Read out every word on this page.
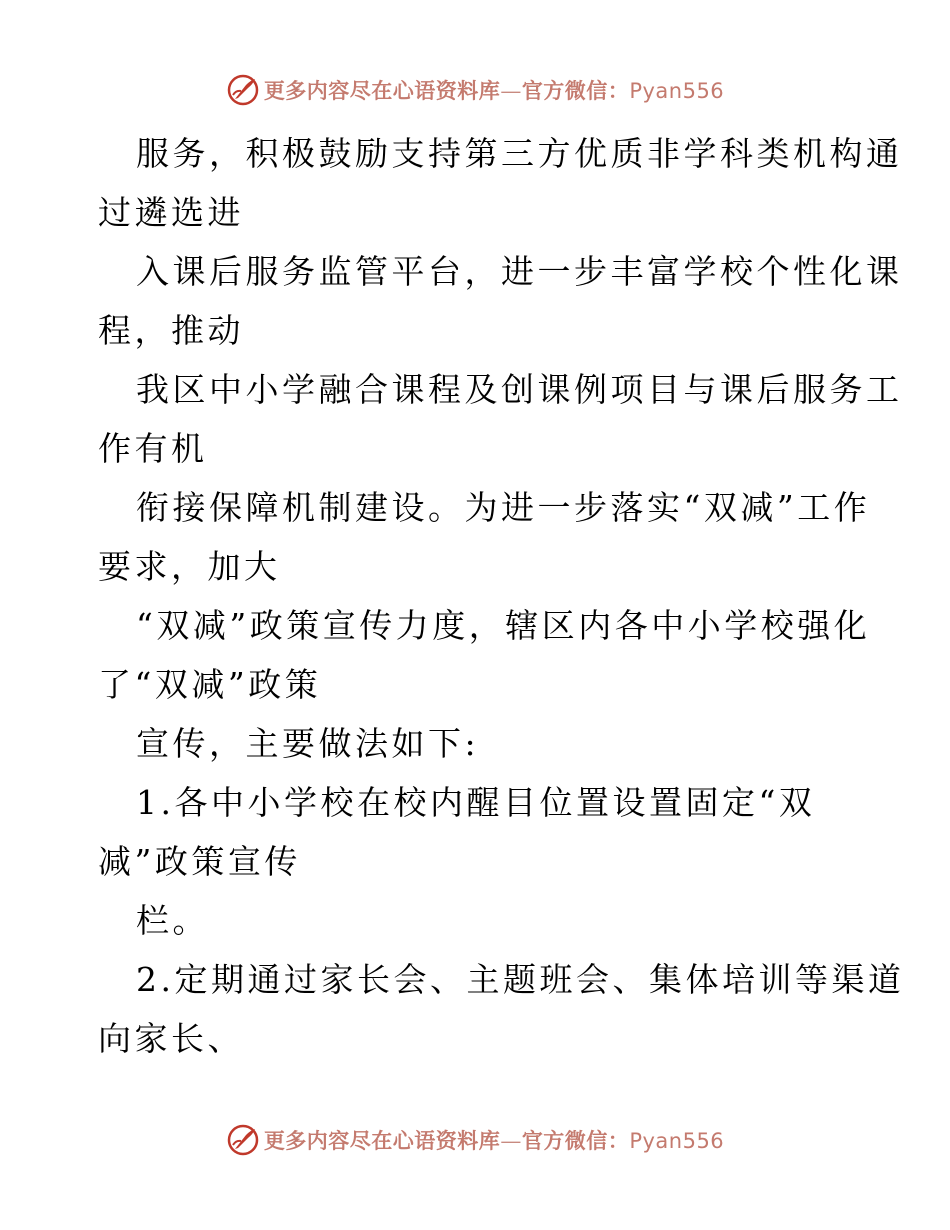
更多内容尽在心语资料库—官方微信：Pyan556
服务，积极鼓励支持第三方优质非学科类机构通
过遴选进
入课后服务监管平台，进一步丰富学校个性化课
程，推动
我区中小学融合课程及创课例项目与课后服务工
作有机
衔接保障机制建设。为进一步落实“双减”工作
要求，加大
“双减”政策宣传力度，辖区内各中小学校强化
了“双减”政策
宣传，主要做法如下:
1.各中小学校在校内醒目位置设置固定“双
减”政策宣传
栏。
2.定期通过家长会、主题班会、集体培训等渠道
向家长、
更多内容尽在心语资料库—官方微信：Pyan556
